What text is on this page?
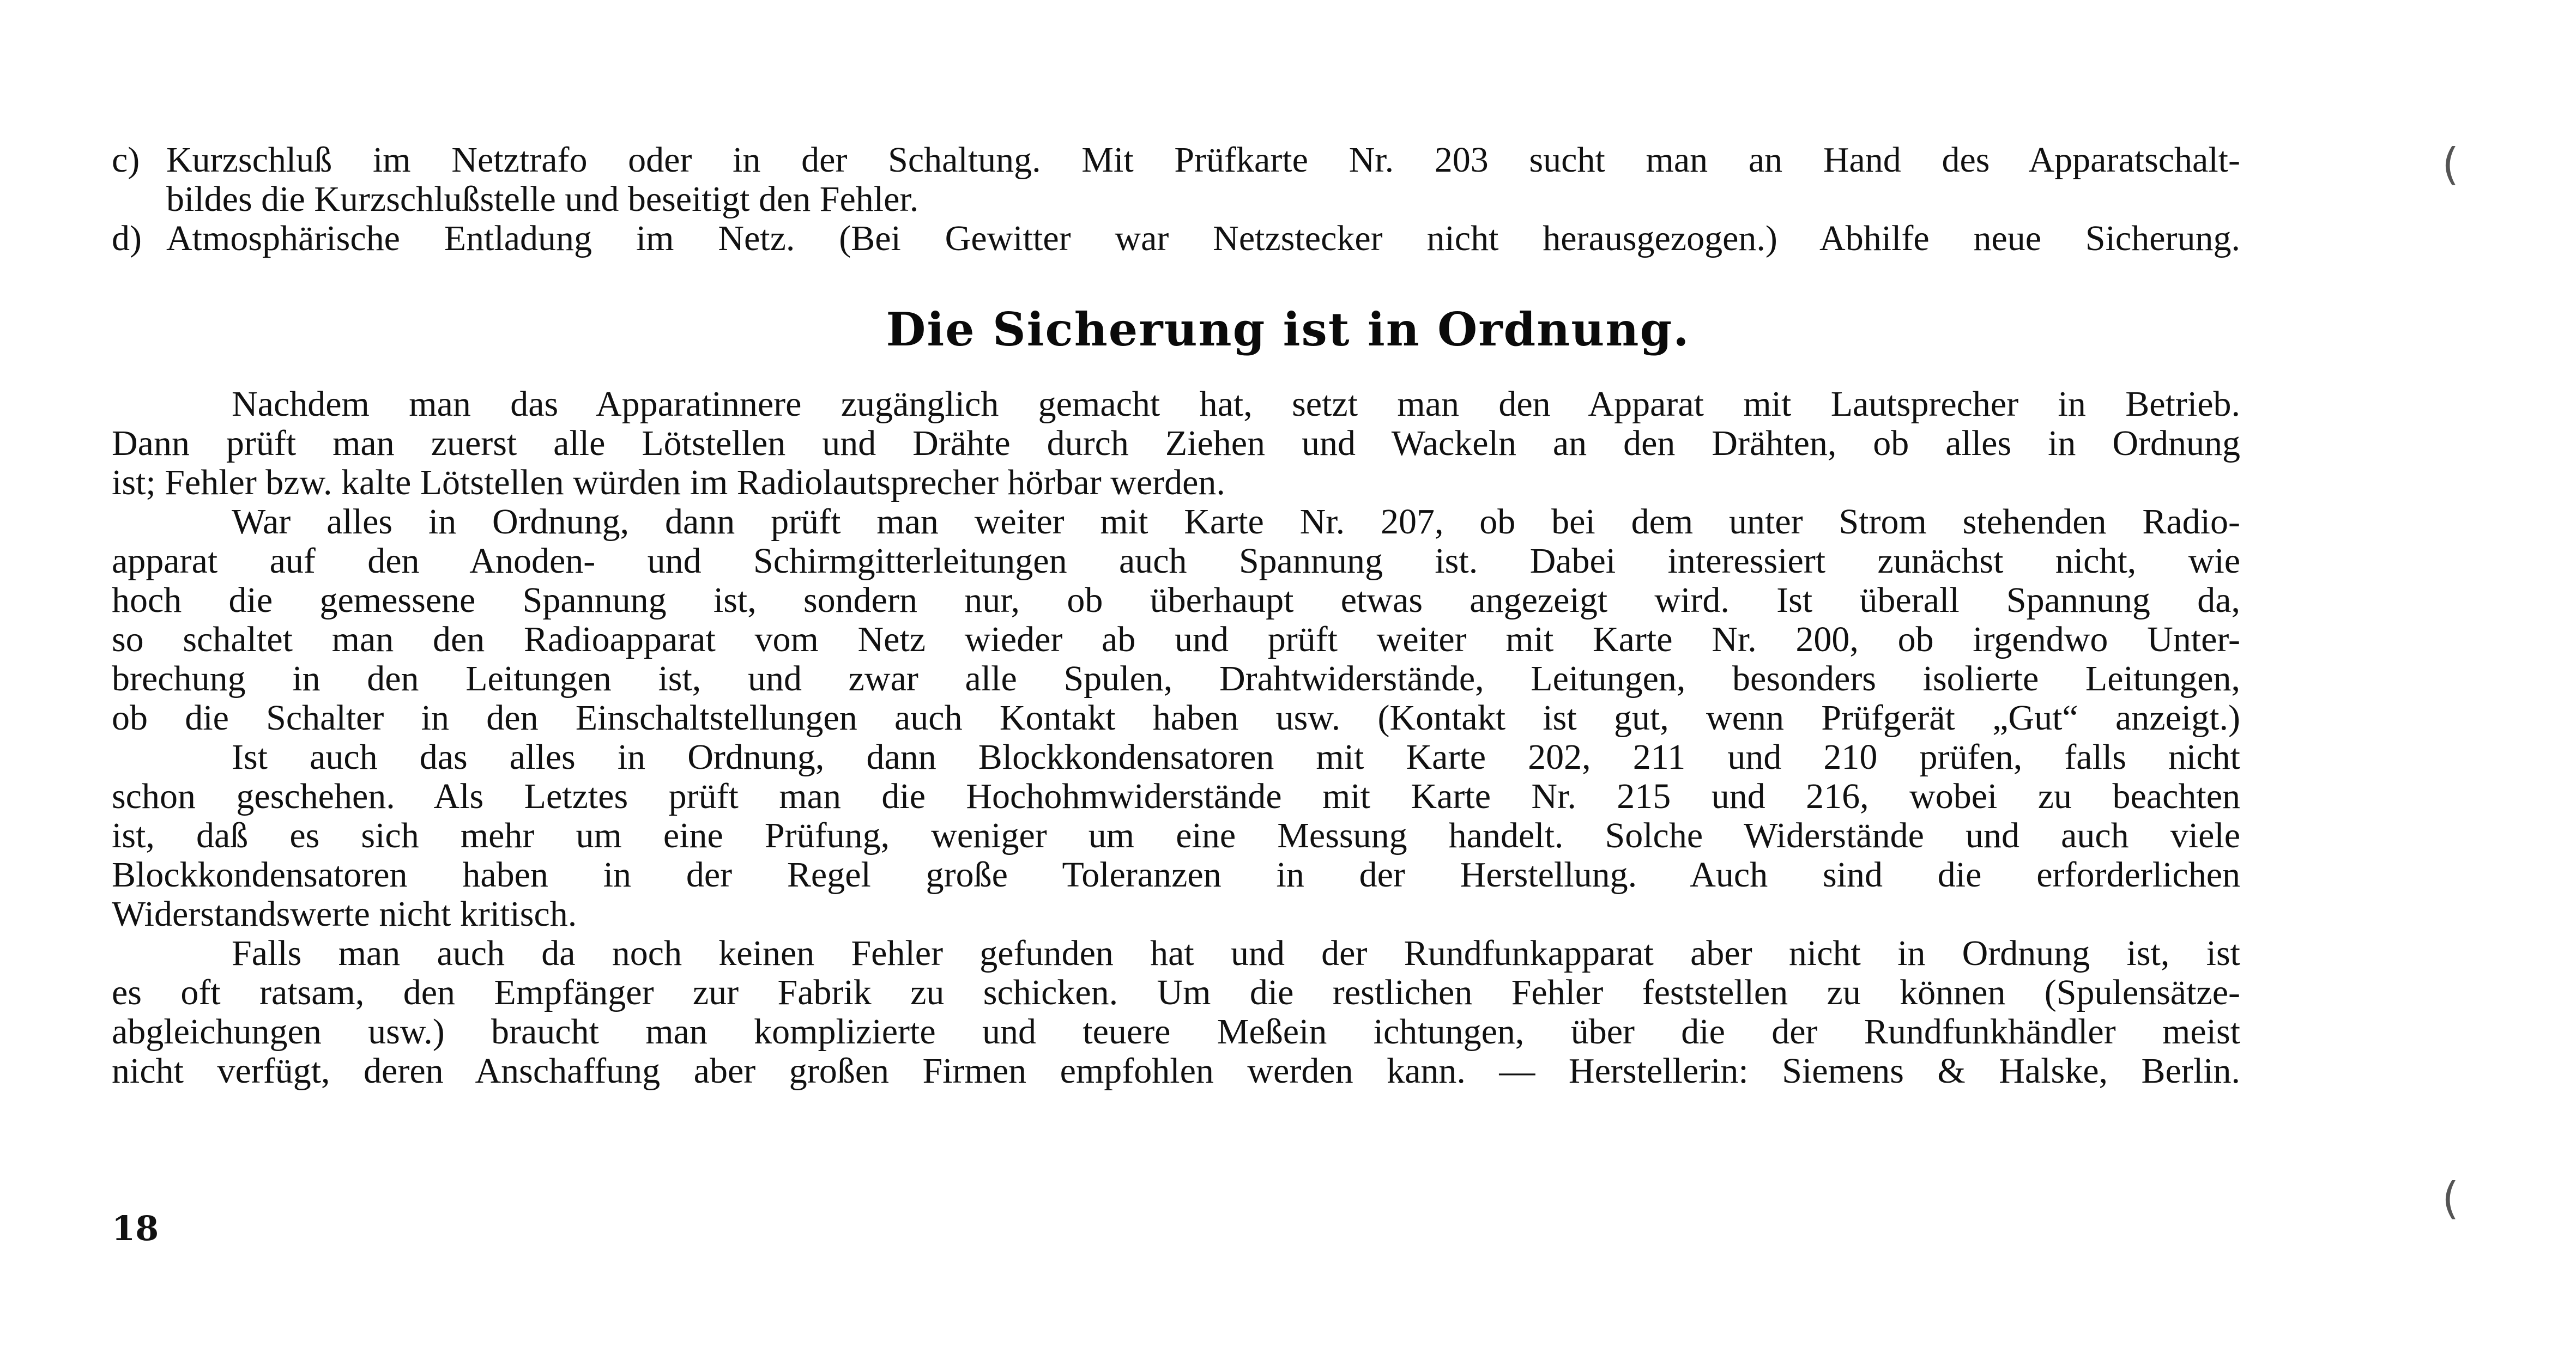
c) Kurzschluß im Netztrafo oder in der Schaltung. Mit Prüfkarte Nr. 203 sucht man an Hand des Apparatschalt-
bildes die Kurzschlußstelle und beseitigt den Fehler.
d) Atmosphärische Entladung im Netz. (Bei Gewitter war Netzstecker nicht herausgezogen.) Abhilfe neue Sicherung.
Die Sicherung ist in Ordnung.
Nachdem man das Apparatinnere zugänglich gemacht hat, setzt man den Apparat mit Lautsprecher in Betrieb.
Dann prüft man zuerst alle Lötstellen und Drähte durch Ziehen und Wackeln an den Drähten, ob alles in Ordnung
ist; Fehler bzw. kalte Lötstellen würden im Radiolautsprecher hörbar werden.
War alles in Ordnung, dann prüft man weiter mit Karte Nr. 207, ob bei dem unter Strom stehenden Radio-
apparat auf den Anoden- und Schirmgitterleitungen auch Spannung ist. Dabei interessiert zunächst nicht, wie
hoch die gemessene Spannung ist, sondern nur, ob überhaupt etwas angezeigt wird. Ist überall Spannung da,
so schaltet man den Radioapparat vom Netz wieder ab und prüft weiter mit Karte Nr. 200, ob irgendwo Unter-
brechung in den Leitungen ist, und zwar alle Spulen, Drahtwiderstände, Leitungen, besonders isolierte Leitungen,
ob die Schalter in den Einschaltstellungen auch Kontakt haben usw. (Kontakt ist gut, wenn Prüfgerät „Gut“ anzeigt.)
Ist auch das alles in Ordnung, dann Blockkondensatoren mit Karte 202, 211 und 210 prüfen, falls nicht
schon geschehen. Als Letztes prüft man die Hochohmwiderstände mit Karte Nr. 215 und 216, wobei zu beachten
ist, daß es sich mehr um eine Prüfung, weniger um eine Messung handelt. Solche Widerstände und auch viele
Blockkondensatoren haben in der Regel große Toleranzen in der Herstellung. Auch sind die erforderlichen
Widerstandswerte nicht kritisch.
Falls man auch da noch keinen Fehler gefunden hat und der Rundfunkapparat aber nicht in Ordnung ist, ist
es oft ratsam, den Empfänger zur Fabrik zu schicken. Um die restlichen Fehler feststellen zu können (Spulensätze-
abgleichungen usw.) braucht man komplizierte und teuere Meßein ichtungen, über die der Rundfunkhändler meist
nicht verfügt, deren Anschaffung aber großen Firmen empfohlen werden kann. — Herstellerin: Siemens & Halske, Berlin.
18
(
(
